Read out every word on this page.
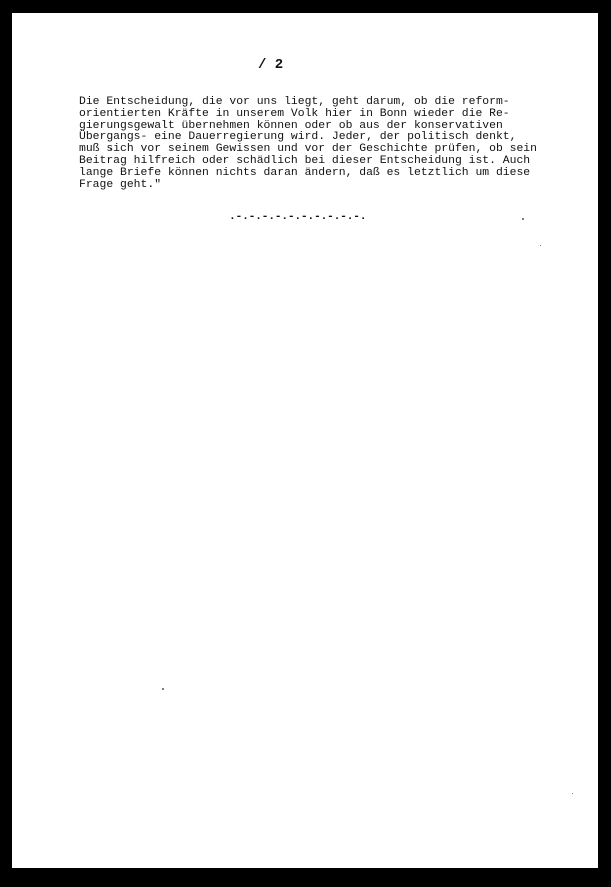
/ 2
Die Entscheidung, die vor uns liegt, geht darum, ob die reform-
orientierten Kräfte in unserem Volk hier in Bonn wieder die Re-
gierungsgewalt übernehmen können oder ob aus der konservativen
Übergangs- eine Dauerregierung wird. Jeder, der politisch denkt,
muß sich vor seinem Gewissen und vor der Geschichte prüfen, ob sein
Beitrag hilfreich oder schädlich bei dieser Entscheidung ist. Auch
lange Briefe können nichts daran ändern, daß es letztlich um diese
Frage geht."
.-.-.-.-.-.-.-.-.-.-.
